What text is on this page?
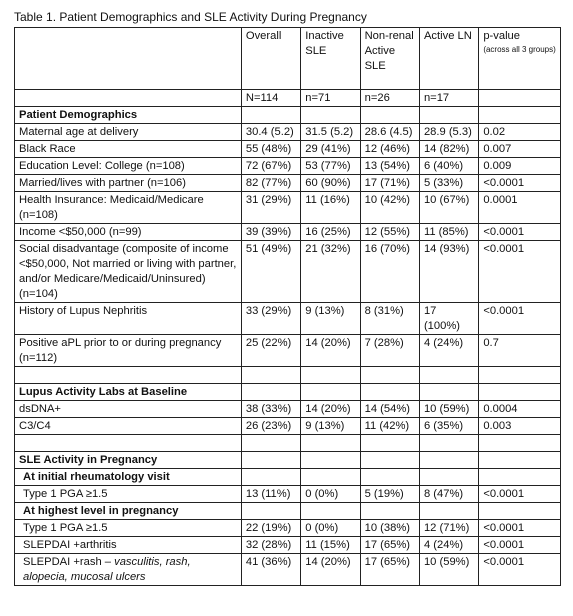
Table 1. Patient Demographics and SLE Activity During Pregnancy
	Overall	Inactive SLE	Non-renal Active SLE	Active LN	p-value
(across all 3 groups)

	N=114	n=71	n=26	n=17	
Patient Demographics					
Maternal age at delivery	30.4 (5.2)	31.5 (5.2)	28.6 (4.5)	28.9 (5.3)	0.02
Black Race	55 (48%)	29 (41%)	12 (46%)	14 (82%)	0.007
Education Level: College (n=108)	72 (67%)	53 (77%)	13 (54%)	6 (40%)	0.009
Married/lives with partner (n=106)	82 (77%)	60 (90%)	17 (71%)	5 (33%)	<0.0001
Health Insurance: Medicaid/Medicare (n=108)	31 (29%)	11 (16%)	10 (42%)	10 (67%)	0.0001
Income <$50,000 (n=99)	39 (39%)	16 (25%)	12 (55%)	11 (85%)	<0.0001
Social disadvantage (composite of income <$50,000, Not married or living with partner, and/or Medicare/Medicaid/Uninsured) (n=104)	51 (49%)	21 (32%)	16 (70%)	14 (93%)	<0.0001
History of Lupus Nephritis	33 (29%)	9 (13%)	8 (31%)	17 (100%)	<0.0001
Positive aPL prior to or during pregnancy (n=112)	25 (22%)	14 (20%)	7 (28%)	4 (24%)	0.7

Lupus Activity Labs at Baseline					
dsDNA+	38 (33%)	14 (20%)	14 (54%)	10 (59%)	0.0004
C3/C4	26 (23%)	9 (13%)	11 (42%)	6 (35%)	0.003

SLE Activity in Pregnancy					
At initial rheumatology visit					
Type 1 PGA ≥1.5	13 (11%)	0 (0%)	5 (19%)	8 (47%)	<0.0001
At highest level in pregnancy					
Type 1 PGA ≥1.5	22 (19%)	0 (0%)	10 (38%)	12 (71%)	<0.0001
SLEPDAI +arthritis	32 (28%)	11 (15%)	17 (65%)	4 (24%)	<0.0001
SLEPDAI +rash – vasculitis, rash, alopecia, mucosal ulcers	41 (36%)	14 (20%)	17 (65%)	10 (59%)	<0.0001
